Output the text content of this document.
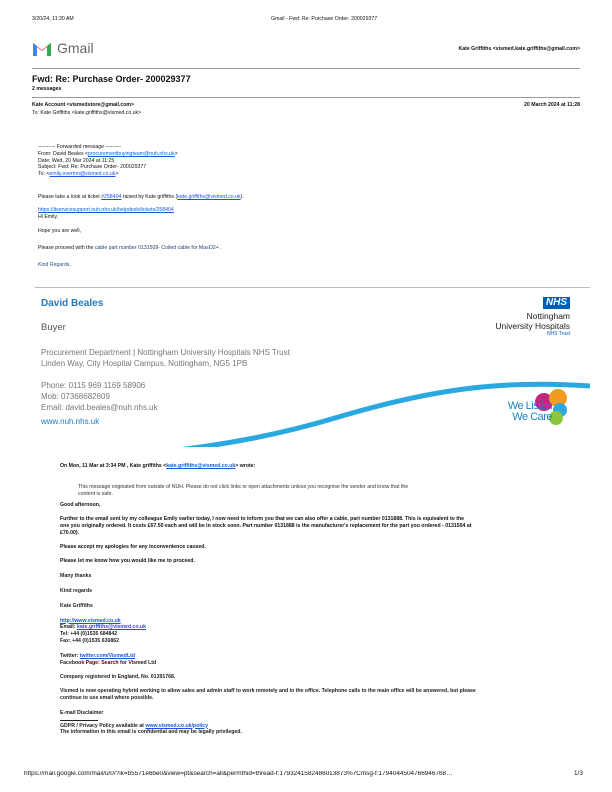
3/20/24, 11:30 AM	Gmail - Fwd: Re: Purchase Order- 200029377
Gmail	Kate Griffiths <vismed.kate.griffiths@gmail.com>
Fwd: Re: Purchase Order- 200029377
2 messages
Kate Account <vismedstore@gmail.com>	20 March 2024 at 11:28
To: Kate Griffiths <kate.griffiths@vismed.co.uk>
---------- Forwarded message ---------
From: David Beales <procurementbuyingteam@nuh.nhs.uk>
Date: Wed, 20 Mar 2024 at 11:25
Subject: Fwd: Re: Purchase Order- 200029377
To: <emily.overton@vismed.co.uk>
Please take a look at ticket #258404 raised by Kate griffiths (kate.griffiths@vismed.co.uk).
https://itservicesupport.nuh.nhs.uk/helpdesk/tickets/258404
Hi Emily,
Hope you are well,
Please proceed with the cable part number 0131509- Coiled cable for MasO2+ .
Kind Regards,
David Beales
Buyer
Procurement Department | Nottingham University Hospitals NHS Trust
Linden Way, City Hospital Campus, Nottingham, NG5 1PB
Phone: 0115 969 1169 58906
Mob: 07368682609
Email: david.beales@nuh.nhs.uk
www.nuh.nhs.uk
NHS
Nottingham
University Hospitals
NHS Trust
We Listen
We Care
On Mon, 11 Mar at 3:34 PM , Kate griffiths <kate.griffiths@vismed.co.uk> wrote:
This message originated from outside of NUH. Please do not click links or open attachments unless you recognise the sender and know that the
content is safe.
Good afternoon,
Further to the email sent by my colleague Emily earlier today, I now need to inform you that we can also offer a cable, part number 0131888. This is equivalent to the
one you originally ordered. It costs £67.50 each and will be in stock soon. Part number 0131888 is the manufacturer's replacement for the part you ordered - 0131504 at
£70.00).
Please accept my apologies for any inconvenience caused.
Please let me know how you would like me to proceed.
Many thanks
Kind regards
Kate Griffiths
http://www.vismed.co.uk
Email: kate.griffiths@vismed.co.uk
Tel: +44 (0)1535 684842
Fax: +44 (0)1535 636862
Twitter: twitter.com/VismedLtd
Facebook Page: Search for Vismed Ltd
Company registered in England, No. 01391768.
Vismed is now operating hybrid working to allow sales and admin staff to work remotely and in the office. Telephone calls to the main office will be answered, but please
continue to use email where possible.
E-mail Disclaimer
GDPR / Privacy Policy available at www.vismed.co.uk/policy
The information in this email is confidential and may be legally privileged.
https://mail.google.com/mail/u/0/?ik=b5571e6be0&view=pt&search=all&permthid=thread-f:1793241582486013873%7Cmsg-f:1794044504766946768…	1/3
